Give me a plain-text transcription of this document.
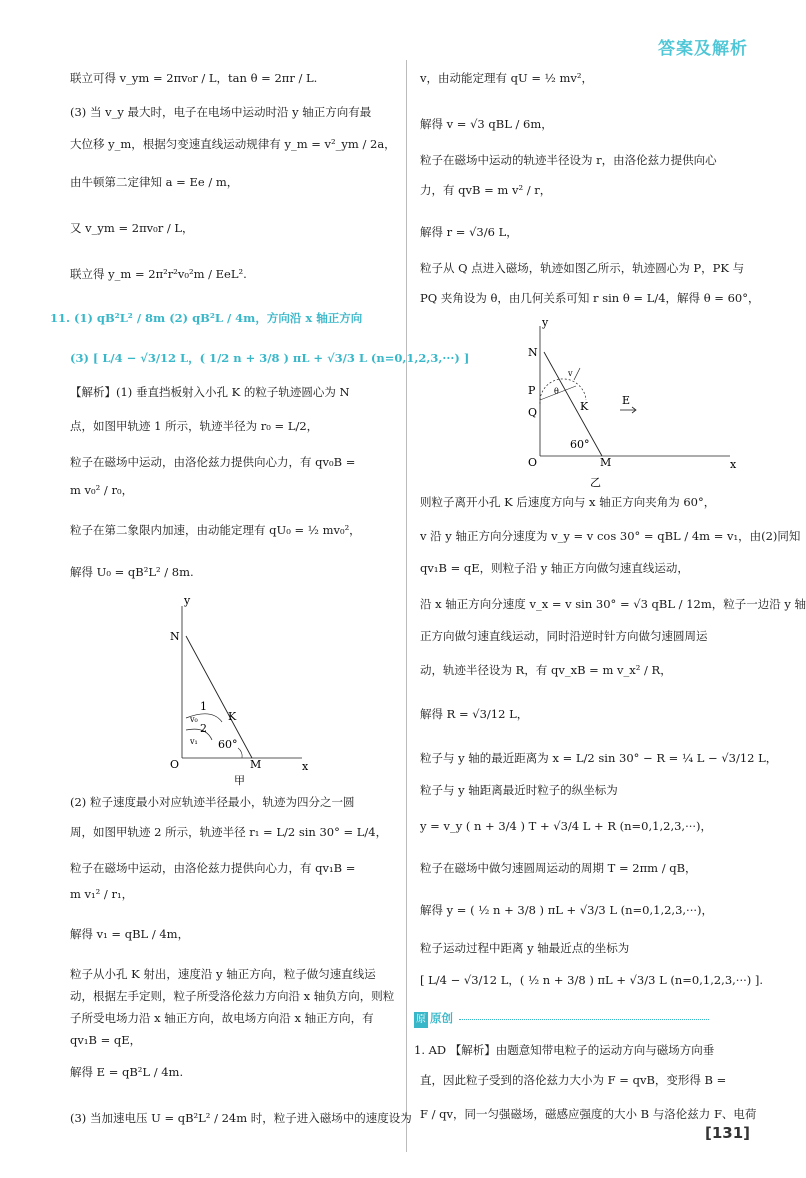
答案及解析
联立可得 v_ym = 2πv₀r / L，tan θ = 2πr / L.
(3) 当 v_y 最大时，电子在电场中运动时沿 y 轴正方向有最
大位移 y_m，根据匀变速直线运动规律有 y_m = v²_ym / 2a，
由牛顿第二定律知 a = Ee / m，
又 v_ym = 2πv₀r / L，
联立得 y_m = 2π²r²v₀²m / EeL².
11. (1) qB²L² / 8m (2) qB²L / 4m，方向沿 x 轴正方向
(3) [ L/4 − √3/12 L，( 1/2 n + 3/8 ) πL + √3/3 L (n=0,1,2,3,···) ]
【解析】(1) 垂直挡板射入小孔 K 的粒子轨迹圆心为 N
点，如图甲轨迹 1 所示，轨迹半径为 r₀ = L/2，
粒子在磁场中运动，由洛伦兹力提供向心力，有 qv₀B =
m v₀² / r₀，
粒子在第二象限内加速，由动能定理有 qU₀ = ½ mv₀²，
解得 U₀ = qB²L² / 8m.
y
x
O
N
K
M
60°
1
2
v₀
v₁
甲
(2) 粒子速度最小对应轨迹半径最小，轨迹为四分之一圆
周，如图甲轨迹 2 所示，轨迹半径 r₁ = L/2 sin 30° = L/4，
粒子在磁场中运动，由洛伦兹力提供向心力，有 qv₁B =
m v₁² / r₁，
解得 v₁ = qBL / 4m，
粒子从小孔 K 射出，速度沿 y 轴正方向，粒子做匀速直线运
动，根据左手定则，粒子所受洛伦兹力方向沿 x 轴负方向，则粒
子所受电场力沿 x 轴正方向，故电场方向沿 x 轴正方向，有
qv₁B = qE，
解得 E = qB²L / 4m.
(3) 当加速电压 U = qB²L² / 24m 时，粒子进入磁场中的速度设为
v，由动能定理有 qU = ½ mv²，
解得 v = √3 qBL / 6m，
粒子在磁场中运动的轨迹半径设为 r，由洛伦兹力提供向心
力，有 qvB = m v² / r，
解得 r = √3/6 L，
粒子从 Q 点进入磁场，轨迹如图乙所示，轨迹圆心为 P，PK 与
PQ 夹角设为 θ，由几何关系可知 r sin θ = L/4，解得 θ = 60°，
y
x
O
N
P
Q	K
M
E
60°
θ
v
乙
则粒子离开小孔 K 后速度方向与 x 轴正方向夹角为 60°，
v 沿 y 轴正方向分速度为 v_y = v cos 30° = qBL / 4m = v₁，由(2)同知
qv₁B = qE，则粒子沿 y 轴正方向做匀速直线运动，
沿 x 轴正方向分速度 v_x = v sin 30° = √3 qBL / 12m，粒子一边沿 y 轴
正方向做匀速直线运动，同时沿逆时针方向做匀速圆周运
动，轨迹半径设为 R，有 qv_xB = m v_x² / R，
解得 R = √3/12 L，
粒子与 y 轴的最近距离为 x = L/2 sin 30° − R = ¼ L − √3/12 L，
粒子与 y 轴距离最近时粒子的纵坐标为
y = v_y ( n + 3/4 ) T + √3/4 L + R (n=0,1,2,3,···)，
粒子在磁场中做匀速圆周运动的周期 T = 2πm / qB，
解得 y = ( ½ n + 3/8 ) πL + √3/3 L (n=0,1,2,3,···)，
粒子运动过程中距离 y 轴最近点的坐标为
[ L/4 − √3/12 L，( ½ n + 3/8 ) πL + √3/3 L (n=0,1,2,3,···) ].
原 原创
1. AD 【解析】由题意知带电粒子的运动方向与磁场方向垂
直，因此粒子受到的洛伦兹力大小为 F = qvB，变形得 B =
F / qv，同一匀强磁场，磁感应强度的大小 B 与洛伦兹力 F、电荷
[131]
